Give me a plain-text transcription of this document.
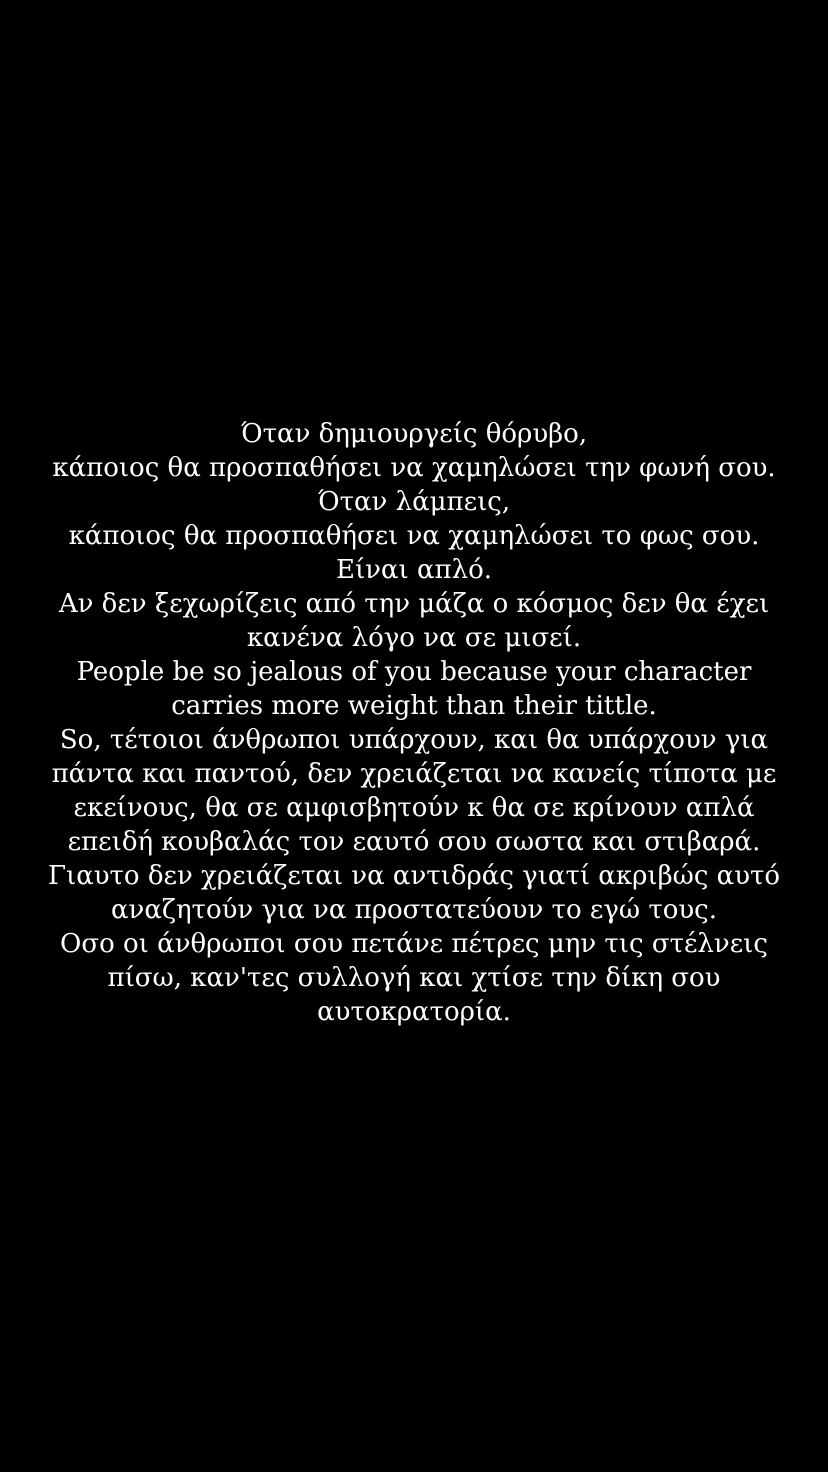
Όταν δημιουργείς θόρυβο,
κάποιος θα προσπαθήσει να χαμηλώσει την φωνή σου.
Όταν λάμπεις,
κάποιος θα προσπαθήσει να χαμηλώσει το φως σου.
Είναι απλό.
Αν δεν ξεχωρίζεις από την μάζα ο κόσμος δεν θα έχει
κανένα λόγο να σε μισεί.
People be so jealous of you because your character
carries more weight than their tittle.
So, τέτοιοι άνθρωποι υπάρχουν, και θα υπάρχουν για
πάντα και παντού, δεν χρειάζεται να κανείς τίποτα με
εκείνους, θα σε αμφισβητούν κ θα σε κρίνουν απλά
επειδή κουβαλάς τον εαυτό σου σωστα και στιβαρά.
Γιαυτο δεν χρειάζεται να αντιδράς γιατί ακριβώς αυτό
αναζητούν για να προστατεύουν το εγώ τους.
Οσο οι άνθρωποι σου πετάνε πέτρες μην τις στέλνεις
πίσω, καν'τες συλλογή και χτίσε την δίκη σου
αυτοκρατορία.
